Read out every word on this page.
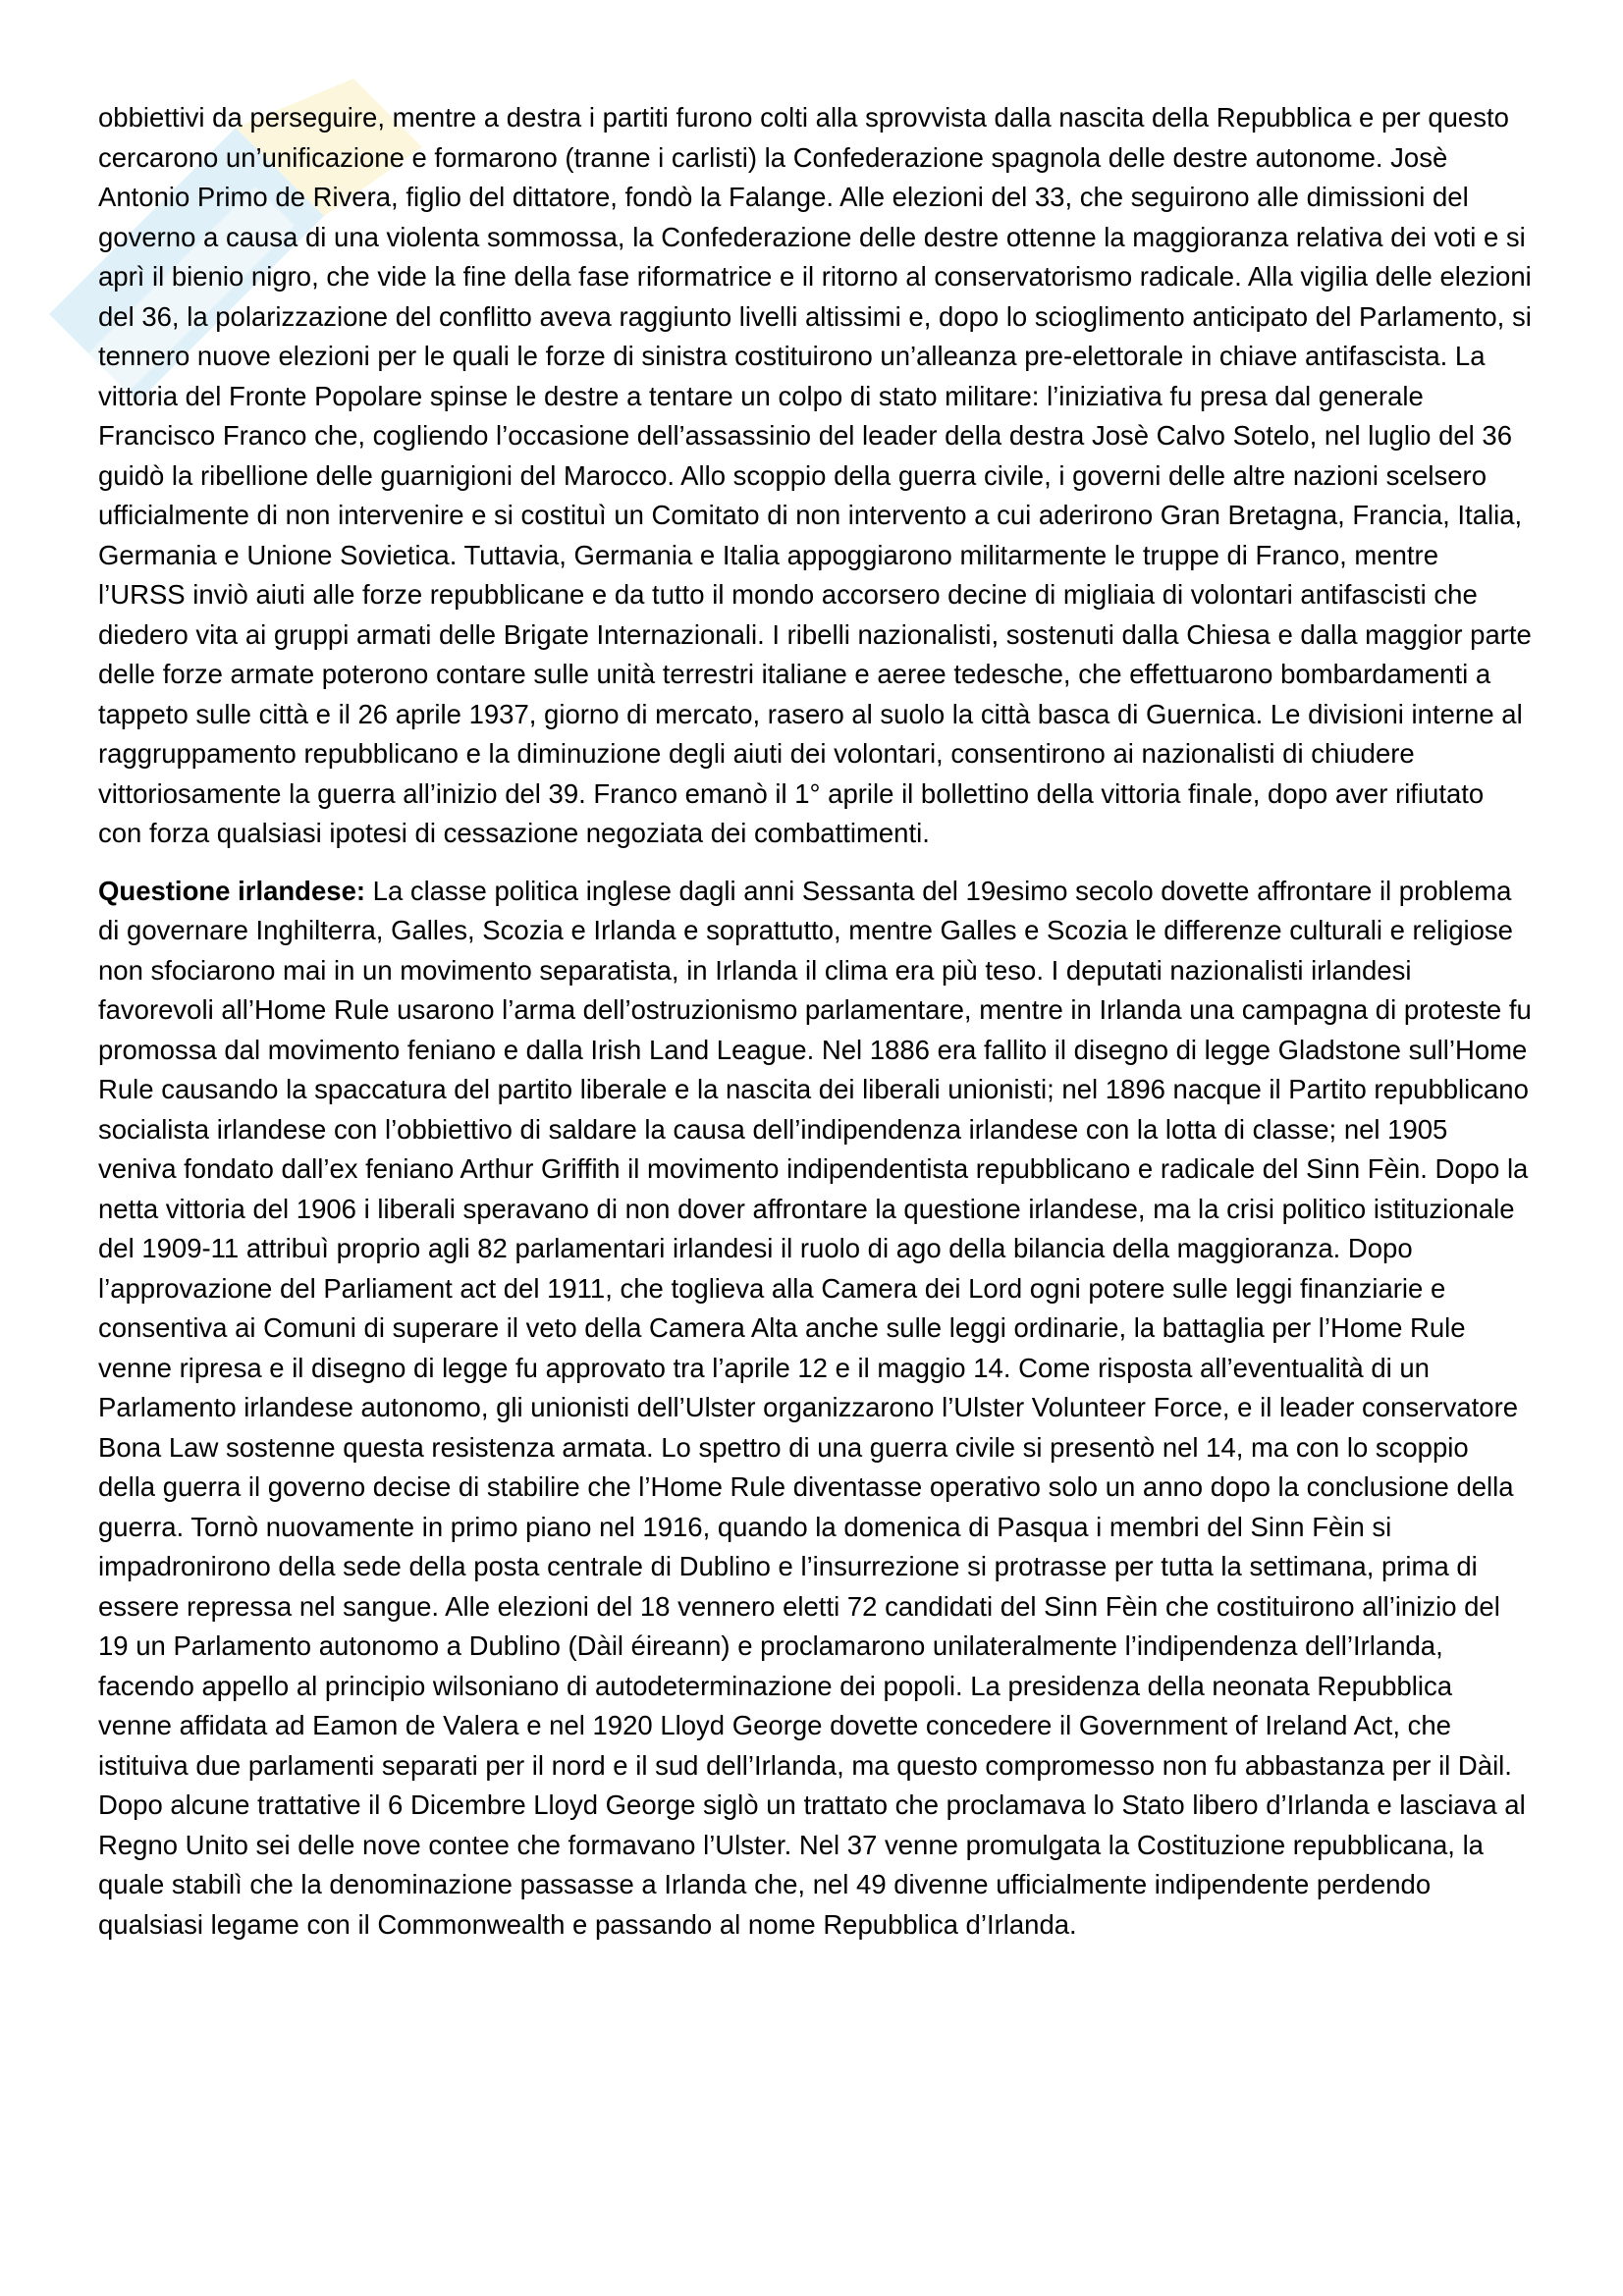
obbiettivi da perseguire, mentre a destra i partiti furono colti alla sprovvista dalla nascita della Repubblica e per questo cercarono un’unificazione e formarono (tranne i carlisti) la Confederazione spagnola delle destre autonome. Josè Antonio Primo de Rivera, figlio del dittatore, fondò la Falange. Alle elezioni del 33, che seguirono alle dimissioni del governo a causa di una violenta sommossa, la Confederazione delle destre ottenne la maggioranza relativa dei voti e si aprì il bienio nigro, che vide la fine della fase riformatrice e il ritorno al conservatorismo radicale. Alla vigilia delle elezioni del 36, la polarizzazione del conflitto aveva raggiunto livelli altissimi e, dopo lo scioglimento anticipato del Parlamento, si tennero nuove elezioni per le quali le forze di sinistra costituirono un’alleanza pre-elettorale in chiave antifascista. La vittoria del Fronte Popolare spinse le destre a tentare un colpo di stato militare: l’iniziativa fu presa dal generale Francisco Franco che, cogliendo l’occasione dell’assassinio del leader della destra Josè Calvo Sotelo, nel luglio del 36 guidò la ribellione delle guarnigioni del Marocco. Allo scoppio della guerra civile, i governi delle altre nazioni scelsero ufficialmente di non intervenire e si costituì un Comitato di non intervento a cui aderirono Gran Bretagna, Francia, Italia, Germania e Unione Sovietica. Tuttavia, Germania e Italia appoggiarono militarmente le truppe di Franco, mentre l’URSS inviò aiuti alle forze repubblicane e da tutto il mondo accorsero decine di migliaia di volontari antifascisti che diedero vita ai gruppi armati delle Brigate Internazionali. I ribelli nazionalisti, sostenuti dalla Chiesa e dalla maggior parte delle forze armate poterono contare sulle unità terrestri italiane e aeree tedesche, che effettuarono bombardamenti a tappeto sulle città e il 26 aprile 1937, giorno di mercato, rasero al suolo la città basca di Guernica. Le divisioni interne al raggruppamento repubblicano e la diminuzione degli aiuti dei volontari, consentirono ai nazionalisti di chiudere vittoriosamente la guerra all’inizio del 39. Franco emanò il 1° aprile il bollettino della vittoria finale, dopo aver rifiutato con forza qualsiasi ipotesi di cessazione negoziata dei combattimenti.

Questione irlandese: La classe politica inglese dagli anni Sessanta del 19esimo secolo dovette affrontare il problema di governare Inghilterra, Galles, Scozia e Irlanda e soprattutto, mentre Galles e Scozia le differenze culturali e religiose non sfociarono mai in un movimento separatista, in Irlanda il clima era più teso. I deputati nazionalisti irlandesi favorevoli all’Home Rule usarono l’arma dell’ostruzionismo parlamentare, mentre in Irlanda una campagna di proteste fu promossa dal movimento feniano e dalla Irish Land League. Nel 1886 era fallito il disegno di legge Gladstone sull’Home Rule causando la spaccatura del partito liberale e la nascita dei liberali unionisti; nel 1896 nacque il Partito repubblicano socialista irlandese con l’obbiettivo di saldare la causa dell’indipendenza irlandese con la lotta di classe; nel 1905 veniva fondato dall’ex feniano Arthur Griffith il movimento indipendentista repubblicano e radicale del Sinn Fèin. Dopo la netta vittoria del 1906 i liberali speravano di non dover affrontare la questione irlandese, ma la crisi politico istituzionale del 1909-11 attribuì proprio agli 82 parlamentari irlandesi il ruolo di ago della bilancia della maggioranza. Dopo l’approvazione del Parliament act del 1911, che toglieva alla Camera dei Lord ogni potere sulle leggi finanziarie e consentiva ai Comuni di superare il veto della Camera Alta anche sulle leggi ordinarie, la battaglia per l’Home Rule venne ripresa e il disegno di legge fu approvato tra l’aprile 12 e il maggio 14. Come risposta all’eventualità di un Parlamento irlandese autonomo, gli unionisti dell’Ulster organizzarono l’Ulster Volunteer Force, e il leader conservatore Bona Law sostenne questa resistenza armata. Lo spettro di una guerra civile si presentò nel 14, ma con lo scoppio della guerra il governo decise di stabilire che l’Home Rule diventasse operativo solo un anno dopo la conclusione della guerra. Tornò nuovamente in primo piano nel 1916, quando la domenica di Pasqua i membri del Sinn Fèin si impadronirono della sede della posta centrale di Dublino e l’insurrezione si protrasse per tutta la settimana, prima di essere repressa nel sangue. Alle elezioni del 18 vennero eletti 72 candidati del Sinn Fèin che costituirono all’inizio del 19 un Parlamento autonomo a Dublino (Dàil éireann) e proclamarono unilateralmente l’indipendenza dell’Irlanda, facendo appello al principio wilsoniano di autodeterminazione dei popoli. La presidenza della neonata Repubblica venne affidata ad Eamon de Valera e nel 1920 Lloyd George dovette concedere il Government of Ireland Act, che istituiva due parlamenti separati per il nord e il sud dell’Irlanda, ma questo compromesso non fu abbastanza per il Dàil. Dopo alcune trattative il 6 Dicembre Lloyd George siglò un trattato che proclamava lo Stato libero d’Irlanda e lasciava al Regno Unito sei delle nove contee che formavano l’Ulster. Nel 37 venne promulgata la Costituzione repubblicana, la quale stabilì che la denominazione passasse a Irlanda che, nel 49 divenne ufficialmente indipendente perdendo qualsiasi legame con il Commonwealth e passando al nome Repubblica d’Irlanda.
